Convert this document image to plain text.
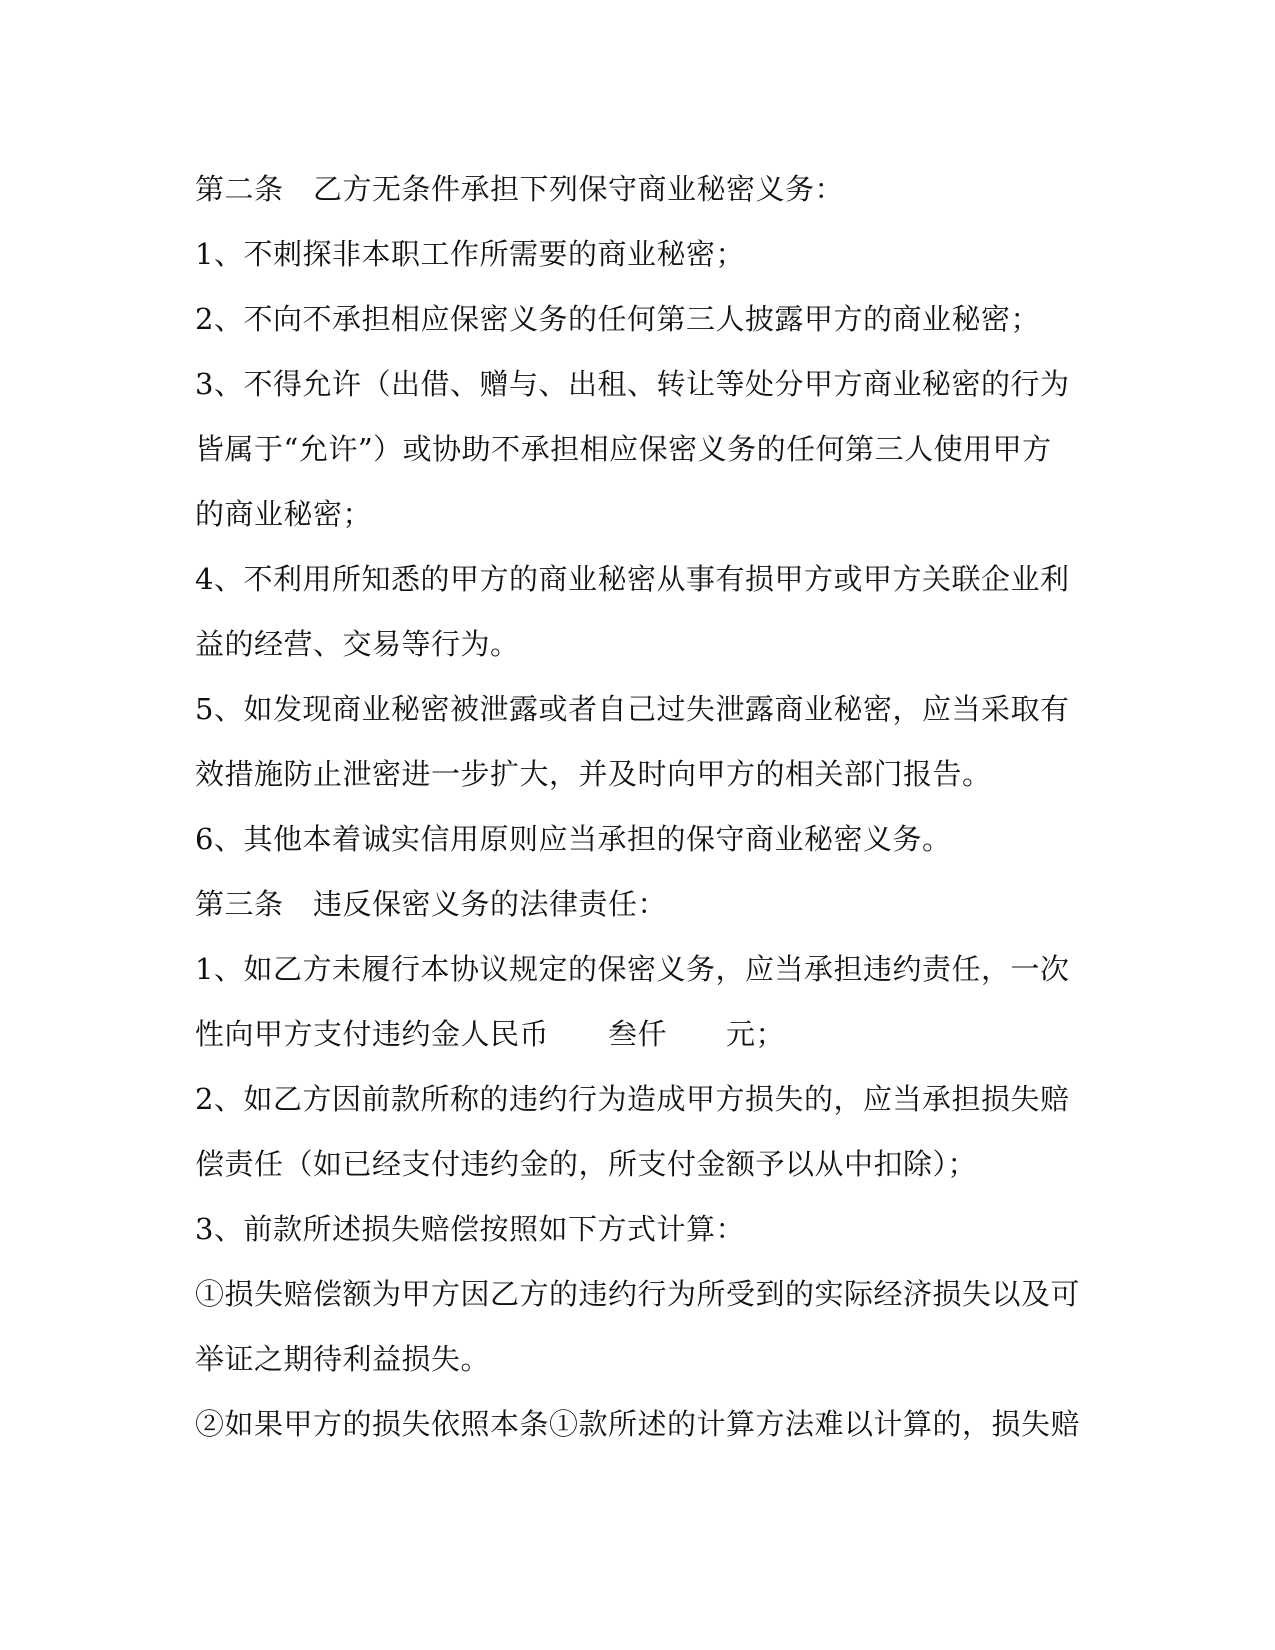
第二条　乙方无条件承担下列保守商业秘密义务：
1、不刺探非本职工作所需要的商业秘密；
2、不向不承担相应保密义务的任何第三人披露甲方的商业秘密；
3、不得允许（出借、赠与、出租、转让等处分甲方商业秘密的行为
皆属于“允许”）或协助不承担相应保密义务的任何第三人使用甲方
的商业秘密；
4、不利用所知悉的甲方的商业秘密从事有损甲方或甲方关联企业利
益的经营、交易等行为。
5、如发现商业秘密被泄露或者自己过失泄露商业秘密，应当采取有
效措施防止泄密进一步扩大，并及时向甲方的相关部门报告。
6、其他本着诚实信用原则应当承担的保守商业秘密义务。
第三条　违反保密义务的法律责任：
1、如乙方未履行本协议规定的保密义务，应当承担违约责任，一次
性向甲方支付违约金人民币　　叁仟　　元；
2、如乙方因前款所称的违约行为造成甲方损失的，应当承担损失赔
偿责任（如已经支付违约金的，所支付金额予以从中扣除）；
3、前款所述损失赔偿按照如下方式计算：
①损失赔偿额为甲方因乙方的违约行为所受到的实际经济损失以及可
举证之期待利益损失。
②如果甲方的损失依照本条①款所述的计算方法难以计算的，损失赔
